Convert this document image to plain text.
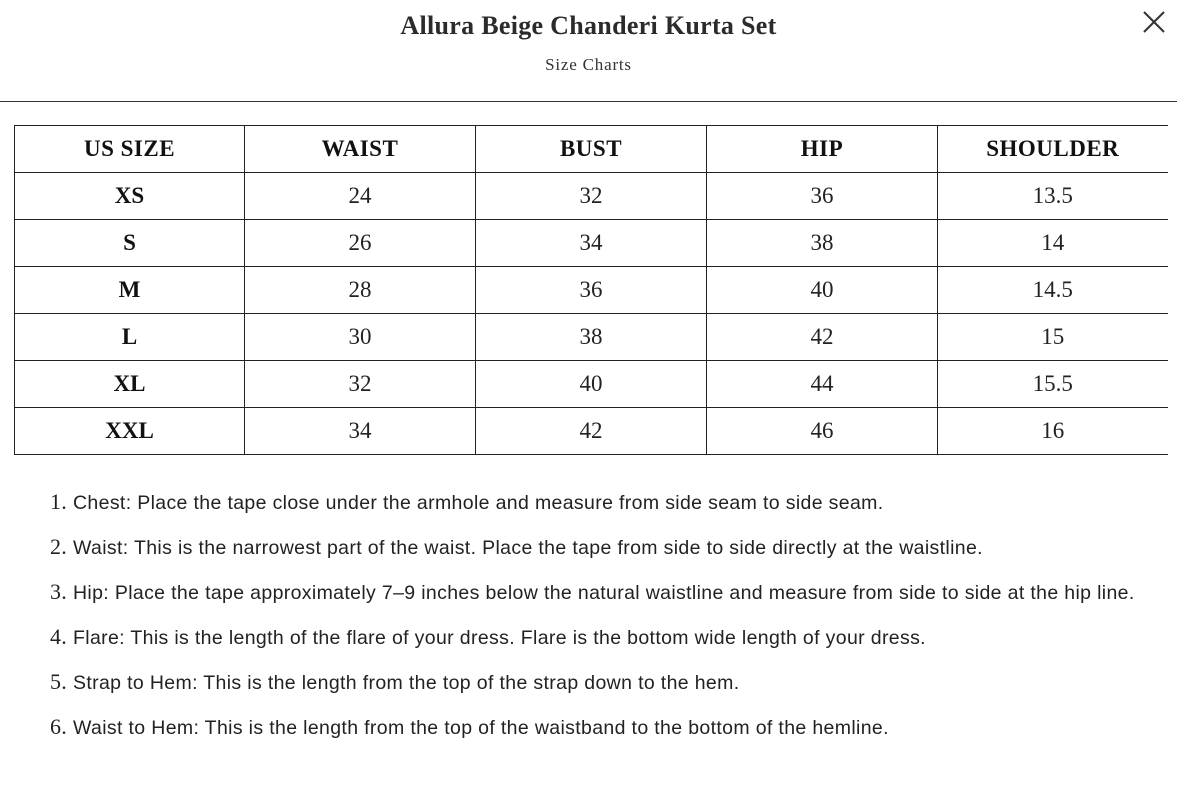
Allura Beige Chanderi Kurta Set
Size Charts
US SIZE	WAIST	BUST	HIP	SHOULDER
XS	24	32	36	13.5
S	26	34	38	14
M	28	36	40	14.5
L	30	38	42	15
XL	32	40	44	15.5
XXL	34	42	46	16
1. Chest: Place the tape close under the armhole and measure from side seam to side seam.
2. Waist: This is the narrowest part of the waist. Place the tape from side to side directly at the waistline.
3. Hip: Place the tape approximately 7–9 inches below the natural waistline and measure from side to side at the hip line.
4. Flare: This is the length of the flare of your dress. Flare is the bottom wide length of your dress.
5. Strap to Hem: This is the length from the top of the strap down to the hem.
6. Waist to Hem: This is the length from the top of the waistband to the bottom of the hemline.
